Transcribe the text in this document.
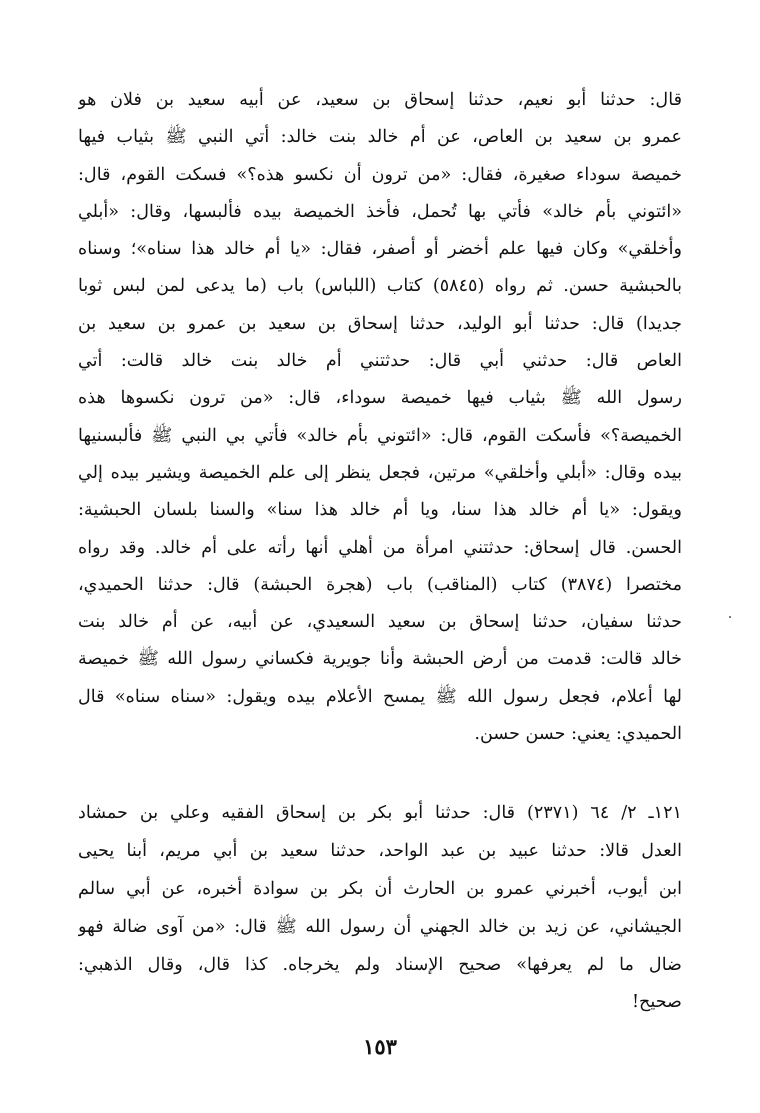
قال: حدثنا أبو نعيم، حدثنا إسحاق بن سعيد، عن أبيه سعيد بن فلان هو
عمرو بن سعيد بن العاص، عن أم خالد بنت خالد: أتي النبي ﷺ بثياب فيها
خميصة سوداء صغيرة، فقال: «من ترون أن نكسو هذه؟» فسكت القوم، قال:
«ائتوني بأم خالد» فأتي بها تُحمل، فأخذ الخميصة بيده فألبسها، وقال: «أبلي
وأخلقي» وكان فيها علم أخضر أو أصفر، فقال: «يا أم خالد هذا سناه»؛ وسناه
بالحبشية حسن. ثم رواه (٥٨٤٥) كتاب (اللباس) باب (ما يدعى لمن لبس ثوبا
جديدا) قال: حدثنا أبو الوليد، حدثنا إسحاق بن سعيد بن عمرو بن سعيد بن
العاص قال: حدثني أبي قال: حدثتني أم خالد بنت خالد قالت: أتي
رسول الله ﷺ بثياب فيها خميصة سوداء، قال: «من ترون نكسوها هذه
الخميصة؟» فأسكت القوم، قال: «ائتوني بأم خالد» فأتي بي النبي ﷺ فألبسنيها
بيده وقال: «أبلي وأخلقي» مرتين، فجعل ينظر إلى علم الخميصة ويشير بيده إلي
ويقول: «يا أم خالد هذا سنا، ويا أم خالد هذا سنا» والسنا بلسان الحبشية:
الحسن. قال إسحاق: حدثتني امرأة من أهلي أنها رأته على أم خالد. وقد رواه
مختصرا (٣٨٧٤) كتاب (المناقب) باب (هجرة الحبشة) قال: حدثنا الحميدي،
حدثنا سفيان، حدثنا إسحاق بن سعيد السعيدي، عن أبيه، عن أم خالد بنت
خالد قالت: قدمت من أرض الحبشة وأنا جويرية فكساني رسول الله ﷺ خميصة
لها أعلام، فجعل رسول الله ﷺ يمسح الأعلام بيده ويقول: «سناه سناه» قال
الحميدي: يعني: حسن حسن.
١٢١ـ ٢/ ٦٤ (٢٣٧١) قال: حدثنا أبو بكر بن إسحاق الفقيه وعلي بن حمشاد
العدل قالا: حدثنا عبيد بن عبد الواحد، حدثنا سعيد بن أبي مريم، أبنا يحيى
ابن أيوب، أخبرني عمرو بن الحارث أن بكر بن سوادة أخبره، عن أبي سالم
الجيشاني، عن زيد بن خالد الجهني أن رسول الله ﷺ قال: «من آوى ضالة فهو
ضال ما لم يعرفها» صحيح الإسناد ولم يخرجاه. كذا قال، وقال الذهبي:
صحيح!
١٥٣
